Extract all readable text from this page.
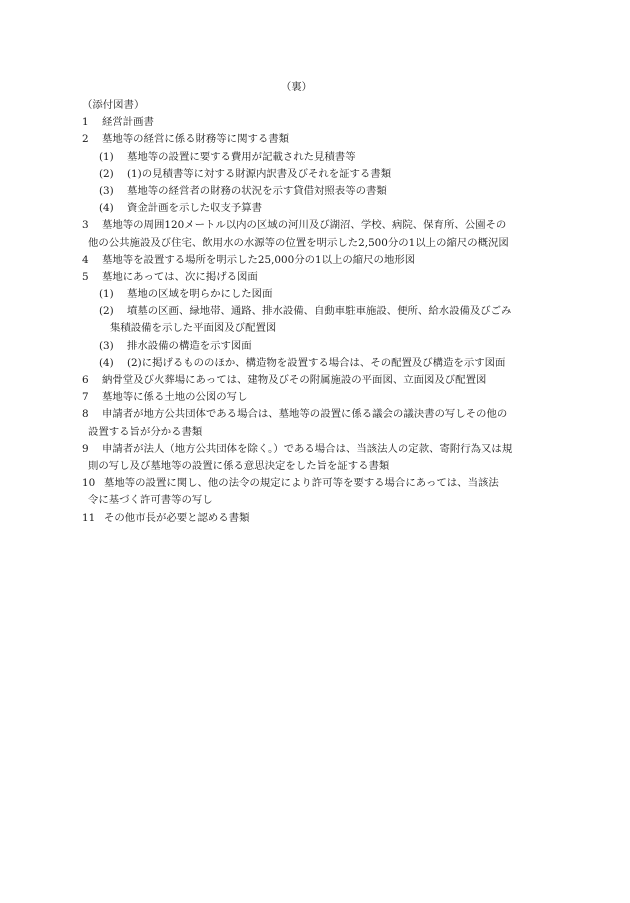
（裏）
（添付図書）
1	経営計画書
2	墓地等の経営に係る財務等に関する書類
(1)	墓地等の設置に要する費用が記載された見積書等
(2)	(1)の見積書等に対する財源内訳書及びそれを証する書類
(3)	墓地等の経営者の財務の状況を示す貸借対照表等の書類
(4)	資金計画を示した収支予算書
3	墓地等の周囲120メートル以内の区域の河川及び湖沼、学校、病院、保育所、公園その
他の公共施設及び住宅、飲用水の水源等の位置を明示した2,500分の1以上の縮尺の概況図
4	墓地等を設置する場所を明示した25,000分の1以上の縮尺の地形図
5	墓地にあっては、次に掲げる図面
(1)	墓地の区域を明らかにした図面
(2)	墳墓の区画、緑地帯、通路、排水設備、自動車駐車施設、便所、給水設備及びごみ
集積設備を示した平面図及び配置図
(3)	排水設備の構造を示す図面
(4)	(2)に掲げるもののほか、構造物を設置する場合は、その配置及び構造を示す図面
6	納骨堂及び火葬場にあっては、建物及びその附属施設の平面図、立面図及び配置図
7	墓地等に係る土地の公図の写し
8	申請者が地方公共団体である場合は、墓地等の設置に係る議会の議決書の写しその他の
設置する旨が分かる書類
9	申請者が法人（地方公共団体を除く。）である場合は、当該法人の定款、寄附行為又は規
則の写し及び墓地等の設置に係る意思決定をした旨を証する書類
10 墓地等の設置に関し、他の法令の規定により許可等を要する場合にあっては、当該法
令に基づく許可書等の写し
11 その他市長が必要と認める書類
